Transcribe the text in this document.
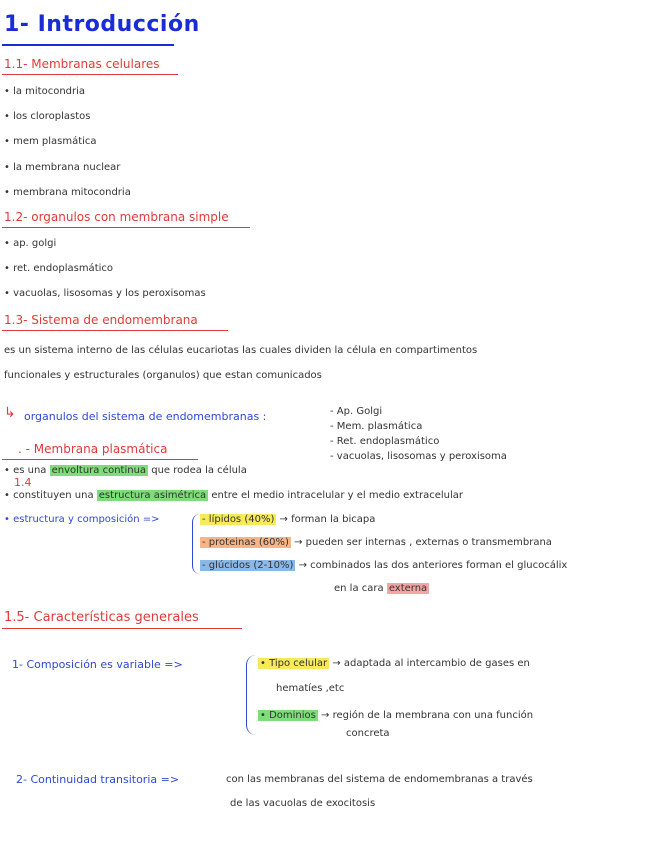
1- Introducción
1.1- Membranas celulares
• la mitocondria
• los cloroplastos
• mem plasmática
• la membrana nuclear
• membrana mitocondria
1.2- organulos con membrana simple
• ap. golgi
• ret. endoplasmático
• vacuolas, lisosomas y los peroxisomas
1.3- Sistema de endomembrana
es un sistema interno de las células eucariotas las cuales dividen la célula en compartimentos
funcionales y estructurales (organulos) que estan comunicados
↳ organulos del sistema de endomembranas :	- Ap. Golgi
- Mem. plasmática
- Ret. endoplasmático
- vacuolas, lisosomas y peroxisoma
. - Membrana plasmática
• es una envoltura continua que rodea la célula
1.4
• constituyen una estructura asimétrica entre el medio intracelular y el medio extracelular
• estructura y composición =>	- lípidos (40%) → forman la bicapa
- proteinas (60%) → pueden ser internas , externas o transmembrana
- glúcidos (2-10%) → combinados las dos anteriores forman el glucocálix
en la cara externa
1.5- Características generales
1- Composición es variable =>	• Tipo celular → adaptada al intercambio de gases en
hematíes ,etc
• Dominios → región de la membrana con una función
concreta
2- Continuidad transitoria =>	con las membranas del sistema de endomembranas a través
de las vacuolas de exocitosis
